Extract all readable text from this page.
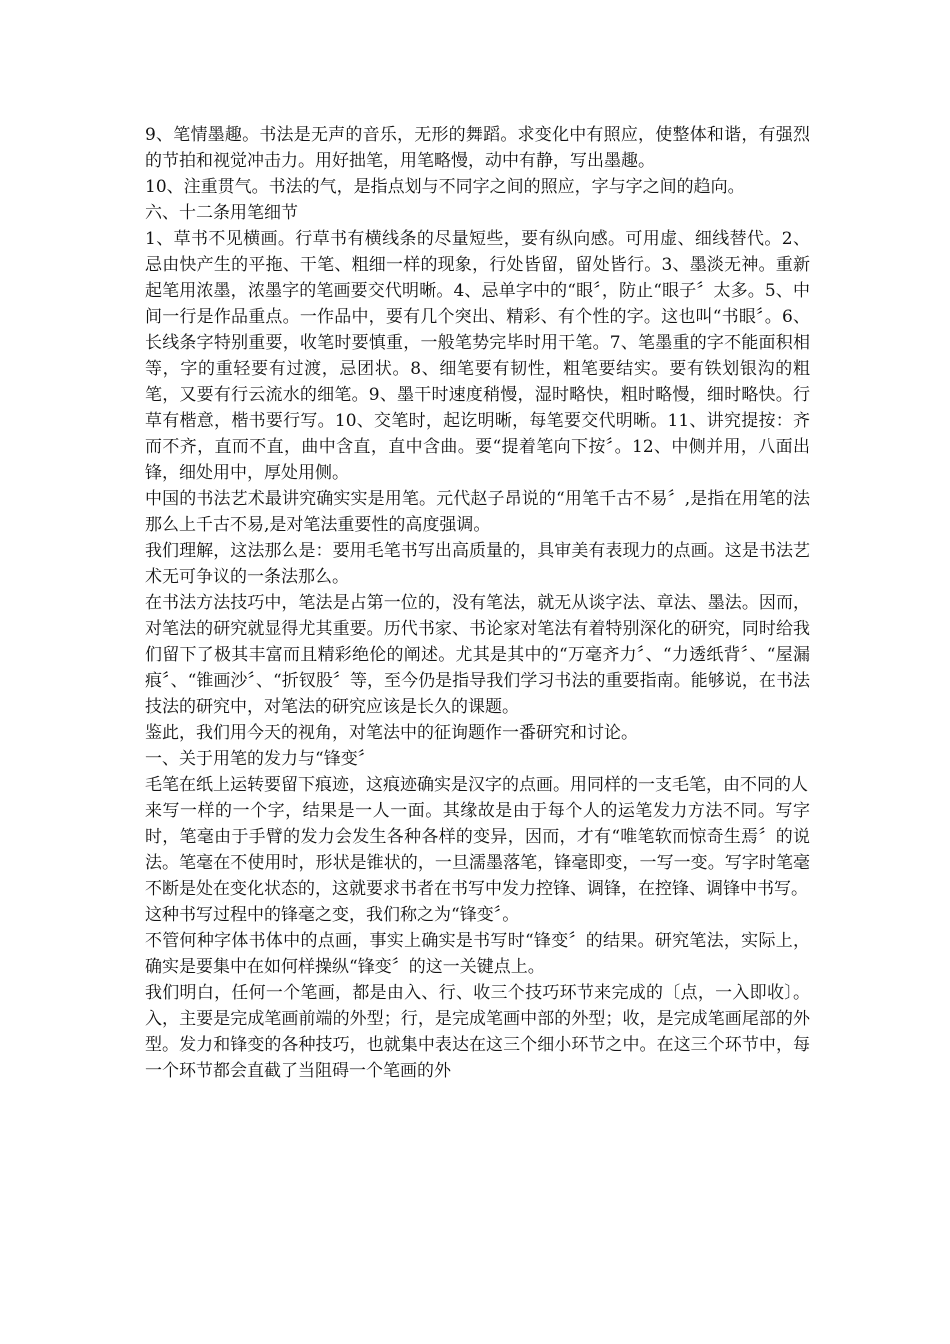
9、笔情墨趣。书法是无声的音乐，无形的舞蹈。求变化中有照应，使整体和谐，有强烈的节拍和视觉冲击力。用好拙笔，用笔略慢，动中有静，写出墨趣。

10、注重贯气。书法的气，是指点划与不同字之间的照应，字与字之间的趋向。

六、十二条用笔细节

1、草书不见横画。行草书有横线条的尽量短些，要有纵向感。可用虚、细线替代。2、忌由快产生的平拖、干笔、粗细一样的现象，行处皆留，留处皆行。3、墨淡无神。重新起笔用浓墨，浓墨字的笔画要交代明晰。4、忌单字中的“眼〞，防止“眼子〞太多。5、中间一行是作品重点。一作品中，要有几个突出、精彩、有个性的字。这也叫“书眼〞。6、长线条字特别重要，收笔时要慎重，一般笔势完毕时用干笔。7、笔墨重的字不能面积相等，字的重轻要有过渡，忌团状。8、细笔要有韧性，粗笔要结实。要有铁划银沟的粗笔，又要有行云流水的细笔。9、墨干时速度稍慢，湿时略快，粗时略慢，细时略快。行草有楷意，楷书要行写。10、交笔时，起讫明晰，每笔要交代明晰。11、讲究提按：齐而不齐，直而不直，曲中含直，直中含曲。要“提着笔向下按〞。12、中侧并用，八面出锋，细处用中，厚处用侧。

中国的书法艺术最讲究确实实是用笔。元代赵子昂说的“用笔千古不易〞,是指在用笔的法那么上千古不易,是对笔法重要性的高度强调。

我们理解，这法那么是：要用毛笔书写出高质量的，具审美有表现力的点画。这是书法艺术无可争议的一条法那么。

在书法方法技巧中，笔法是占第一位的，没有笔法，就无从谈字法、章法、墨法。因而，对笔法的研究就显得尤其重要。历代书家、书论家对笔法有着特别深化的研究，同时给我们留下了极其丰富而且精彩绝伦的阐述。尤其是其中的“万毫齐力〞、“力透纸背〞、“屋漏痕〞、“锥画沙〞、“折钗股〞等，至今仍是指导我们学习书法的重要指南。能够说，在书法技法的研究中，对笔法的研究应该是长久的课题。

鉴此，我们用今天的视角，对笔法中的征询题作一番研究和讨论。

一、关于用笔的发力与“锋变〞

毛笔在纸上运转要留下痕迹，这痕迹确实是汉字的点画。用同样的一支毛笔，由不同的人

来写一样的一个字，结果是一人一面。其缘故是由于每个人的运笔发力方法不同。写字时，笔毫由于手臂的发力会发生各种各样的变异，因而，才有“唯笔软而惊奇生焉〞的说法。笔毫在不使用时，形状是锥状的，一旦濡墨落笔，锋毫即变，一写一变。写字时笔毫不断是处在变化状态的，这就要求书者在书写中发力控锋、调锋，在控锋、调锋中书写。

这种书写过程中的锋毫之变，我们称之为“锋变〞。

不管何种字体书体中的点画，事实上确实是书写时“锋变〞的结果。研究笔法，实际上，确实是要集中在如何样操纵“锋变〞的这一关键点上。

我们明白，任何一个笔画，都是由入、行、收三个技巧环节来完成的〔点，一入即收〕。入，主要是完成笔画前端的外型；行，是完成笔画中部的外型；收，是完成笔画尾部的外型。发力和锋变的各种技巧，也就集中表达在这三个细小环节之中。在这三个环节中，每一个环节都会直截了当阻碍一个笔画的外
